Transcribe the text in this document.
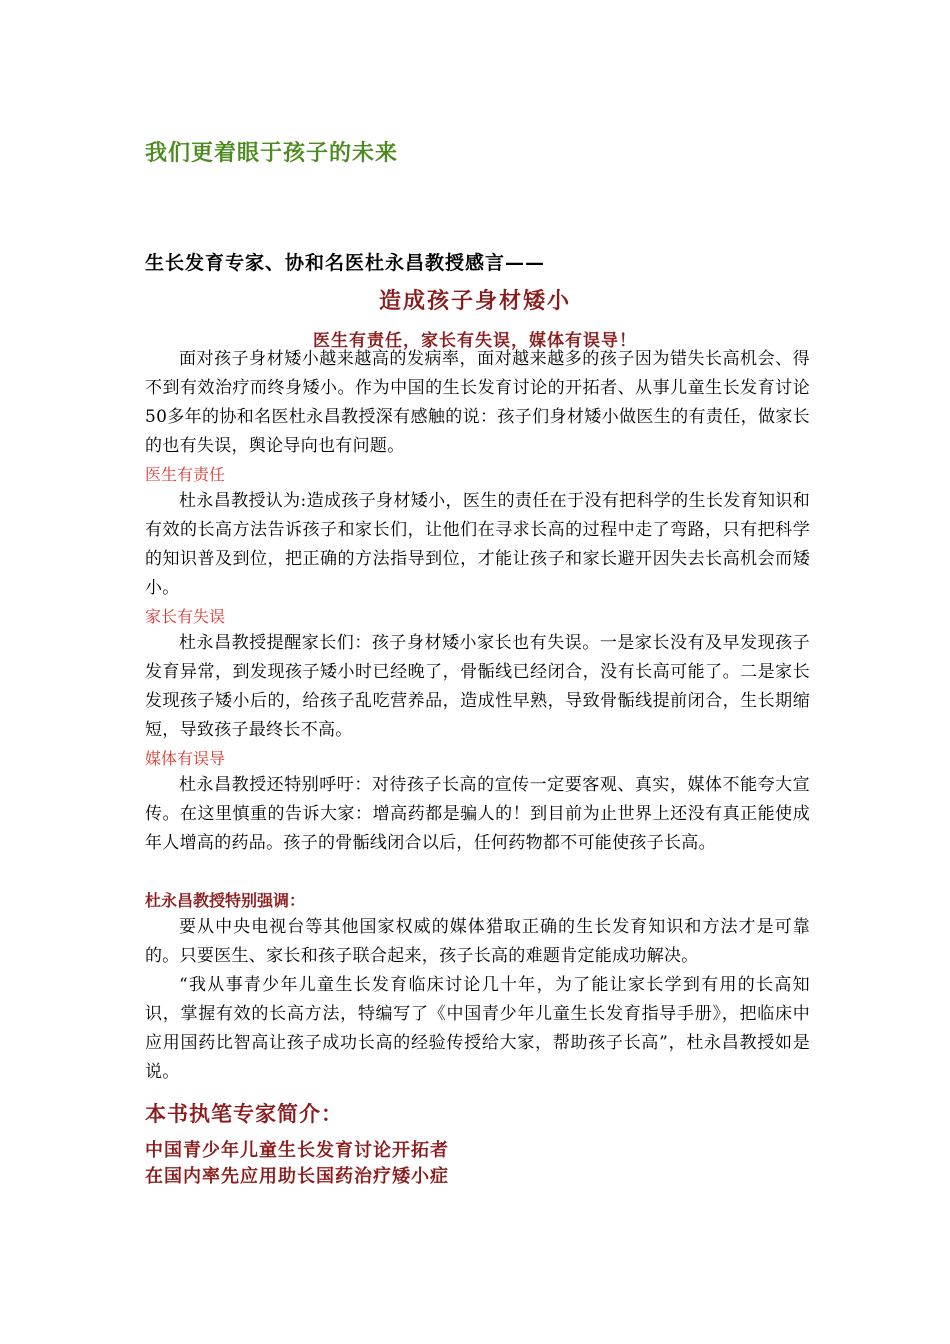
我们更着眼于孩子的未来

生长发育专家、协和名医杜永昌教授感言——

造成孩子身材矮小

医生有责任，家长有失误，媒体有误导！

面对孩子身材矮小越来越高的发病率，面对越来越多的孩子因为错失长高机会、得不到有效治疗而终身矮小。作为中国的生长发育讨论的开拓者、从事儿童生长发育讨论50多年的协和名医杜永昌教授深有感触的说：孩子们身材矮小做医生的有责任，做家长的也有失误，舆论导向也有问题。

医生有责任

杜永昌教授认为:造成孩子身材矮小，医生的责任在于没有把科学的生长发育知识和有效的长高方法告诉孩子和家长们，让他们在寻求长高的过程中走了弯路，只有把科学的知识普及到位，把正确的方法指导到位，才能让孩子和家长避开因失去长高机会而矮小。

家长有失误

杜永昌教授提醒家长们：孩子身材矮小家长也有失误。一是家长没有及早发现孩子发育异常，到发现孩子矮小时已经晚了，骨骺线已经闭合，没有长高可能了。二是家长发现孩子矮小后的，给孩子乱吃营养品，造成性早熟，导致骨骺线提前闭合，生长期缩短，导致孩子最终长不高。

媒体有误导

杜永昌教授还特别呼吁：对待孩子长高的宣传一定要客观、真实，媒体不能夸大宣传。在这里慎重的告诉大家：增高药都是骗人的！到目前为止世界上还没有真正能使成年人增高的药品。孩子的骨骺线闭合以后，任何药物都不可能使孩子长高。

杜永昌教授特别强调：

要从中央电视台等其他国家权威的媒体猎取正确的生长发育知识和方法才是可靠的。只要医生、家长和孩子联合起来，孩子长高的难题肯定能成功解决。

“我从事青少年儿童生长发育临床讨论几十年，为了能让家长学到有用的长高知识，掌握有效的长高方法，特编写了《中国青少年儿童生长发育指导手册》，把临床中应用国药比智高让孩子成功长高的经验传授给大家，帮助孩子长高”，杜永昌教授如是说。

本书执笔专家简介：

中国青少年儿童生长发育讨论开拓者

在国内率先应用助长国药治疗矮小症
